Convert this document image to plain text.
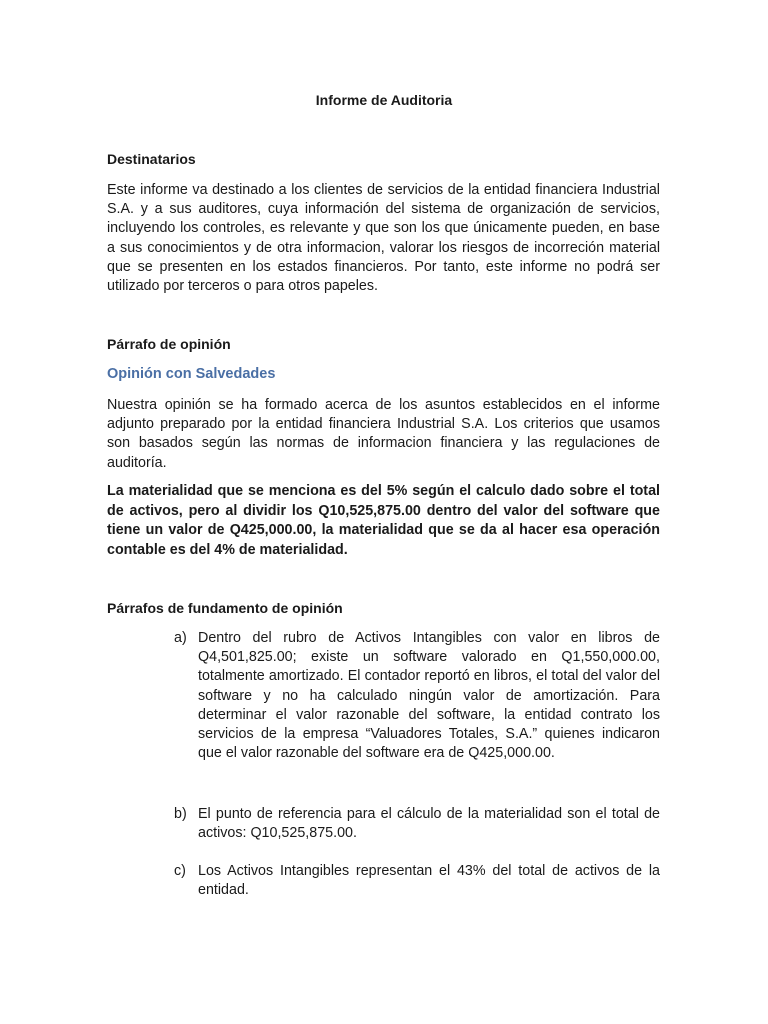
Informe de Auditoria
Destinatarios
Este informe va destinado a los clientes de servicios de la entidad financiera Industrial S.A. y a sus auditores, cuya información del sistema de organización de servicios, incluyendo los controles, es relevante y que son los que únicamente pueden, en base a sus conocimientos y de otra informacion, valorar los riesgos de incorreción material que se presenten en los estados financieros. Por tanto, este informe no podrá ser utilizado por terceros o para otros papeles.
Párrafo de opinión
Opinión con Salvedades
Nuestra opinión se ha formado acerca de los asuntos establecidos en el informe adjunto preparado por la entidad financiera Industrial S.A. Los criterios que usamos son basados según las normas de informacion financiera y las regulaciones de auditoría.
La materialidad que se menciona es del 5% según el calculo dado sobre el total de activos, pero al dividir los Q10,525,875.00 dentro del valor del software que tiene un valor de Q425,000.00, la materialidad que se da al hacer esa operación contable es del 4% de materialidad.
Párrafos de fundamento de opinión
a) Dentro del rubro de Activos Intangibles con valor en libros de Q4,501,825.00; existe un software valorado en Q1,550,000.00, totalmente amortizado. El contador reportó en libros, el total del valor del software y no ha calculado ningún valor de amortización. Para determinar el valor razonable del software, la entidad contrato los servicios de la empresa “Valuadores Totales, S.A.” quienes indicaron que el valor razonable del software era de Q425,000.00.
b) El punto de referencia para el cálculo de la materialidad son el total de activos: Q10,525,875.00.
c) Los Activos Intangibles representan el 43% del total de activos de la entidad.
